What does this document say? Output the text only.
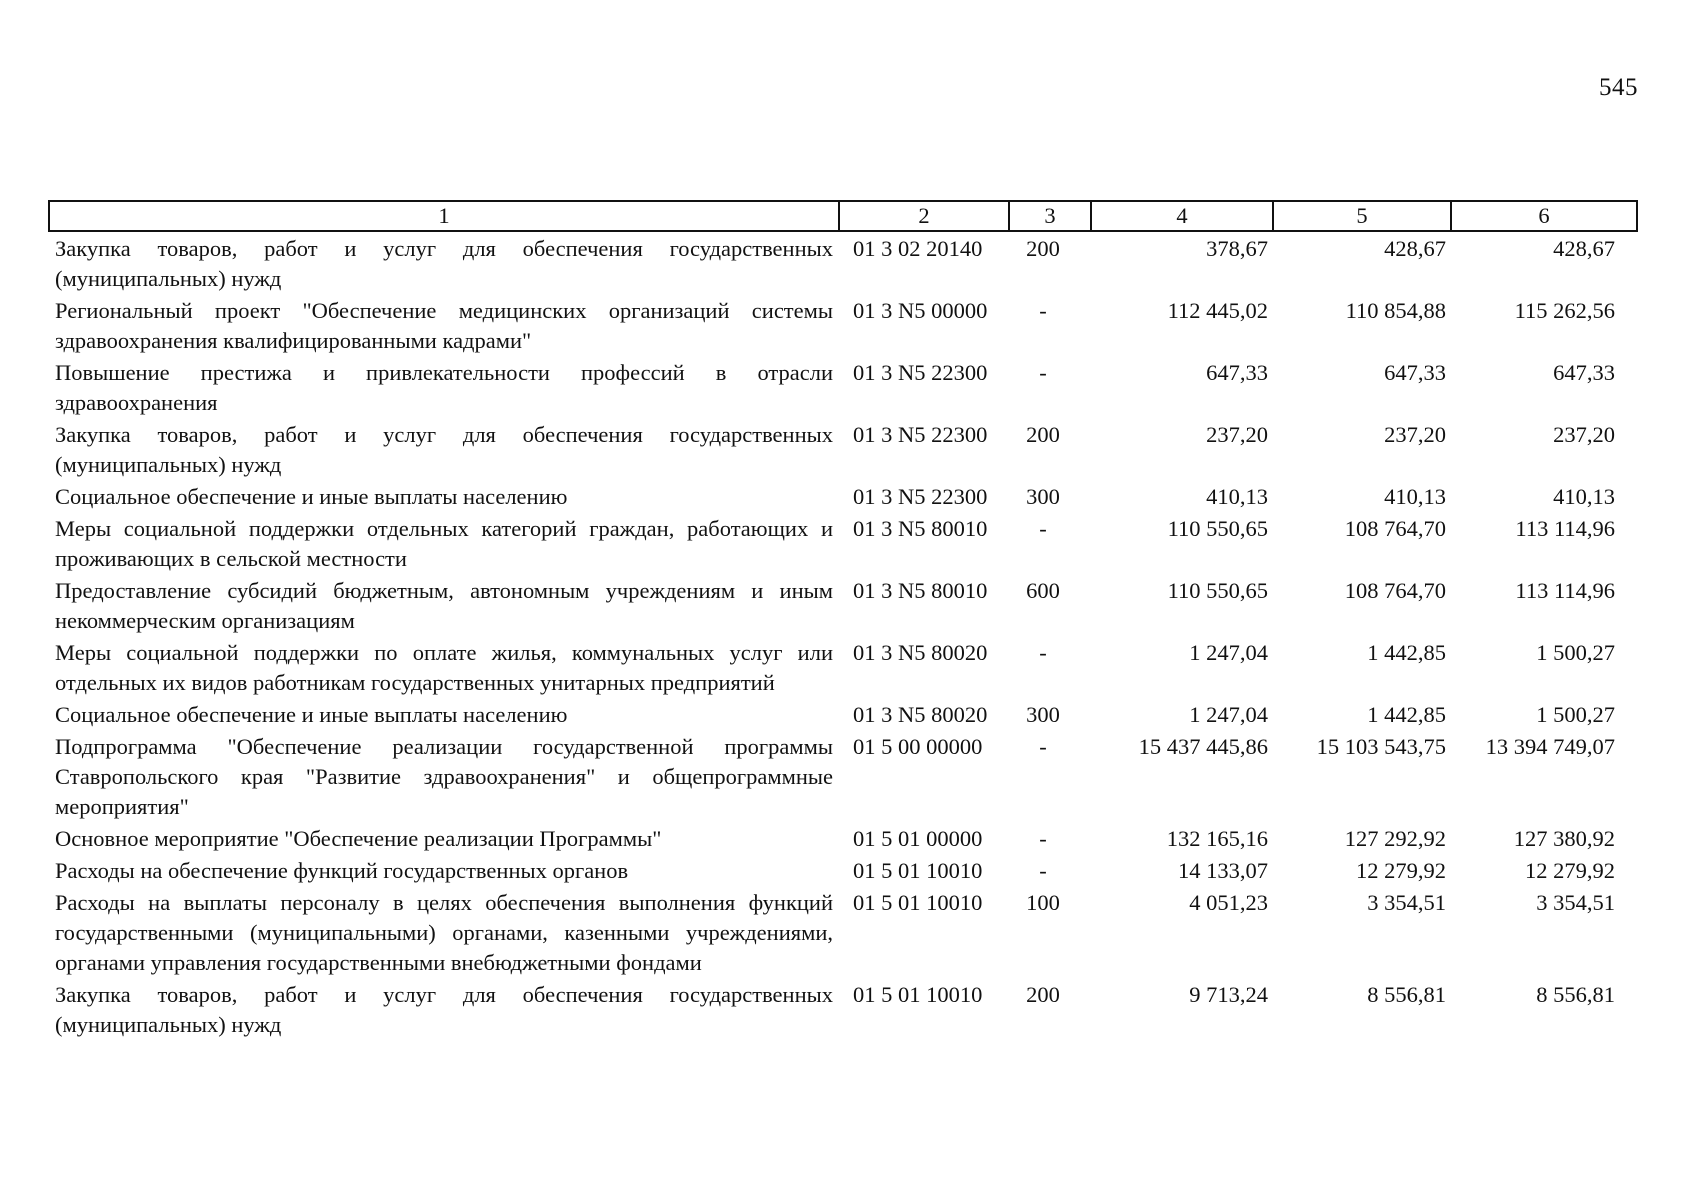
545
1	2	3	4	5	6
Закупка товаров, работ и услуг для обеспечения государственных (муниципальных) нужд	01 3 02 20140	200	378,67	428,67	428,67
Региональный проект "Обеспечение медицинских организаций системы здравоохранения квалифицированными кадрами"	01 3 N5 00000	-	112 445,02	110 854,88	115 262,56
Повышение престижа и привлекательности профессий в отрасли здравоохранения	01 3 N5 22300	-	647,33	647,33	647,33
Закупка товаров, работ и услуг для обеспечения государственных (муниципальных) нужд	01 3 N5 22300	200	237,20	237,20	237,20
Социальное обеспечение и иные выплаты населению	01 3 N5 22300	300	410,13	410,13	410,13
Меры социальной поддержки отдельных категорий граждан, работающих и проживающих в сельской местности	01 3 N5 80010	-	110 550,65	108 764,70	113 114,96
Предоставление субсидий бюджетным, автономным учреждениям и иным некоммерческим организациям	01 3 N5 80010	600	110 550,65	108 764,70	113 114,96
Меры социальной поддержки по оплате жилья, коммунальных услуг или отдельных их видов работникам государственных унитарных предприятий	01 3 N5 80020	-	1 247,04	1 442,85	1 500,27
Социальное обеспечение и иные выплаты населению	01 3 N5 80020	300	1 247,04	1 442,85	1 500,27
Подпрограмма "Обеспечение реализации государственной программы Ставропольского края "Развитие здравоохранения" и общепрограммные мероприятия"	01 5 00 00000	-	15 437 445,86	15 103 543,75	13 394 749,07
Основное мероприятие "Обеспечение реализации Программы"	01 5 01 00000	-	132 165,16	127 292,92	127 380,92
Расходы на обеспечение функций государственных органов	01 5 01 10010	-	14 133,07	12 279,92	12 279,92
Расходы на выплаты персоналу в целях обеспечения выполнения функций государственными (муниципальными) органами, казенными учреждениями, органами управления государственными внебюджетными фондами	01 5 01 10010	100	4 051,23	3 354,51	3 354,51
Закупка товаров, работ и услуг для обеспечения государственных (муниципальных) нужд	01 5 01 10010	200	9 713,24	8 556,81	8 556,81
